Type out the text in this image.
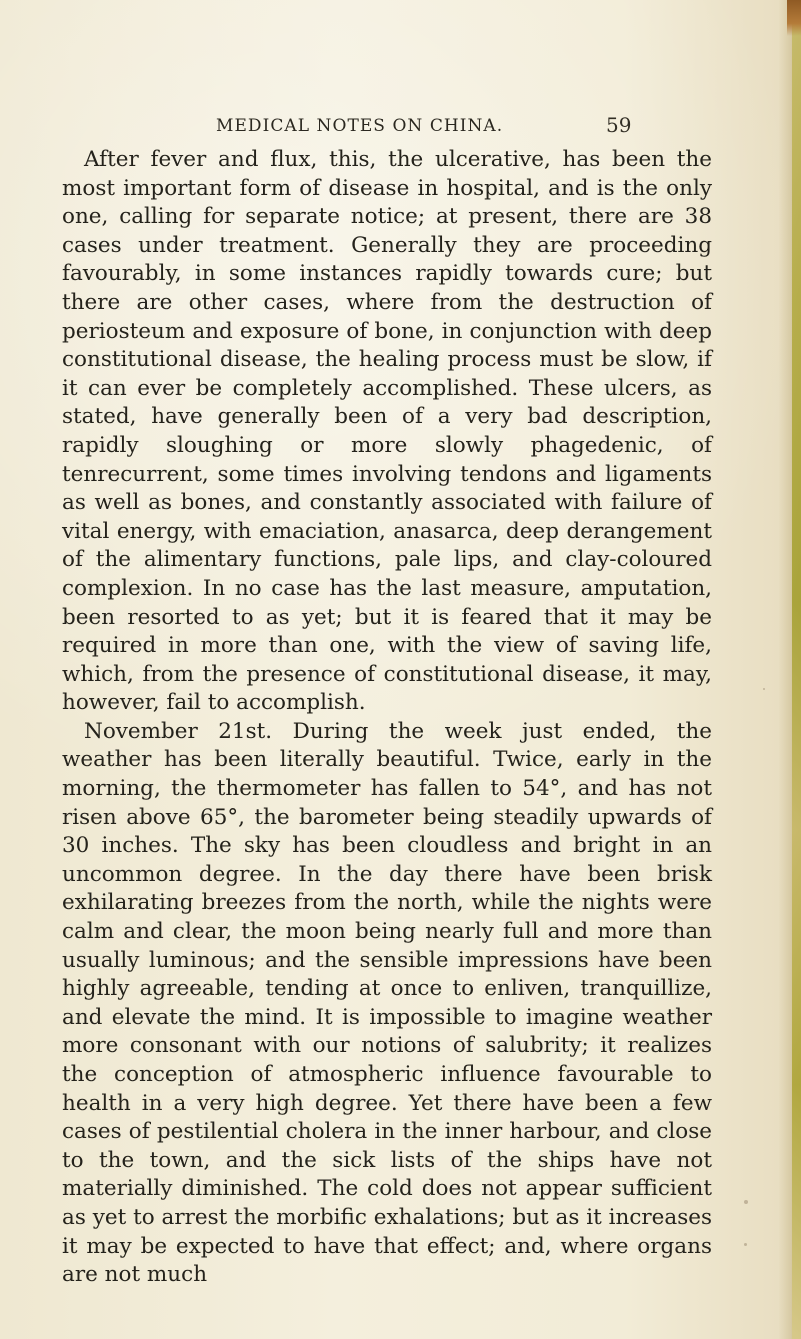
MEDICAL NOTES ON CHINA.	59

After fever and flux, this, the ulcerative, has been the most important form of disease in hospital, and is the only one, calling for separate notice; at present, there are 38 cases under treatment. Generally they are proceeding favourably, in some instances rapidly towards cure; but there are other cases, where from the destruction of periosteum and exposure of bone, in conjunction with deep constitutional disease, the healing process must be slow, if it can ever be completely accomplished. These ulcers, as stated, have generally been of a very bad description, rapidly sloughing or more slowly phagedenic, of tenrecurrent, some times involving tendons and ligaments as well as bones, and constantly associated with failure of vital energy, with emaciation, anasarca, deep derangement of the alimentary functions, pale lips, and clay-coloured complexion. In no case has the last measure, amputation, been resorted to as yet; but it is feared that it may be required in more than one, with the view of saving life, which, from the presence of constitutional disease, it may, however, fail to accomplish.

November 21st. During the week just ended, the weather has been literally beautiful. Twice, early in the morning, the thermometer has fallen to 54°, and has not risen above 65°, the barometer being steadily upwards of 30 inches. The sky has been cloudless and bright in an uncommon degree. In the day there have been brisk exhilarating breezes from the north, while the nights were calm and clear, the moon being nearly full and more than usually luminous; and the sensible impressions have been highly agreeable, tending at once to enliven, tranquillize, and elevate the mind. It is impossible to imagine weather more consonant with our notions of salubrity; it realizes the conception of atmospheric influence favourable to health in a very high degree. Yet there have been a few cases of pestilential cholera in the inner harbour, and close to the town, and the sick lists of the ships have not materially diminished. The cold does not appear sufficient as yet to arrest the morbific exhalations; but as it increases it may be expected to have that effect; and, where organs are not much
